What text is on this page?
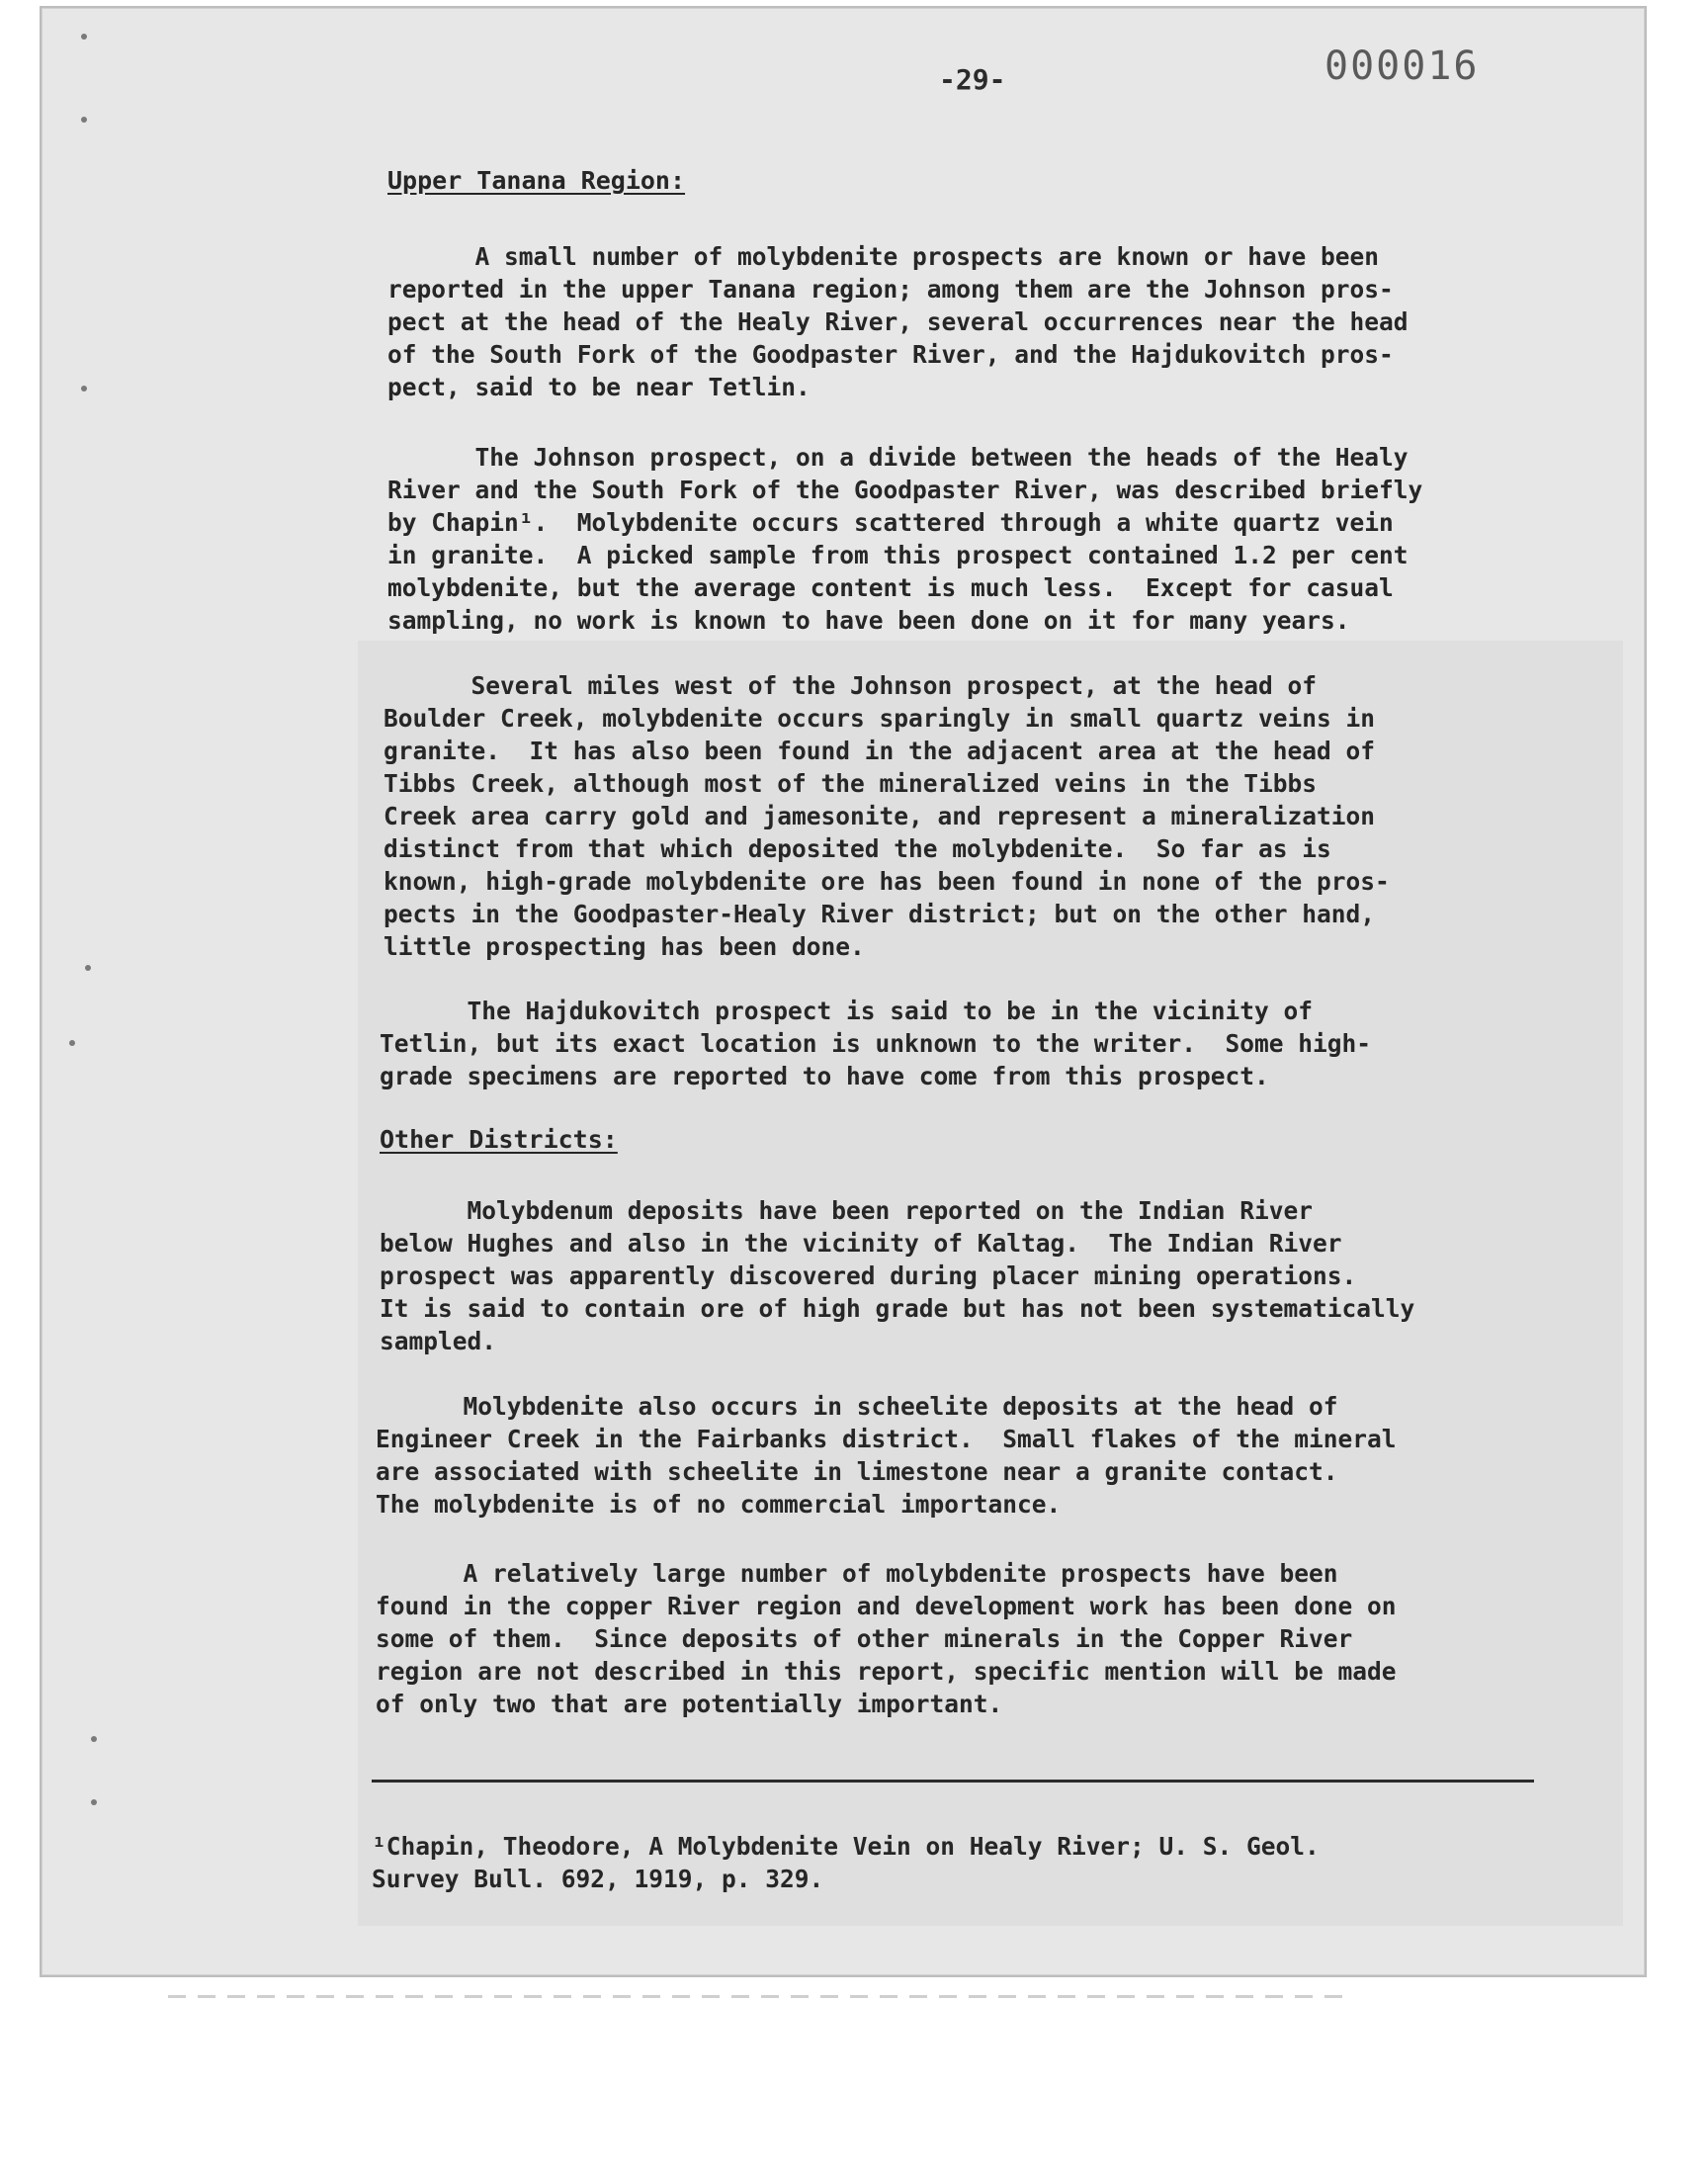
-29-	000016
Upper Tanana Region:
A small number of molybdenite prospects are known or have been
reported in the upper Tanana region; among them are the Johnson pros-
pect at the head of the Healy River, several occurrences near the head
of the South Fork of the Goodpaster River, and the Hajdukovitch pros-
pect, said to be near Tetlin.
The Johnson prospect, on a divide between the heads of the Healy
River and the South Fork of the Goodpaster River, was described briefly
by Chapin¹.  Molybdenite occurs scattered through a white quartz vein
in granite.  A picked sample from this prospect contained 1.2 per cent
molybdenite, but the average content is much less.  Except for casual
sampling, no work is known to have been done on it for many years.
Several miles west of the Johnson prospect, at the head of
Boulder Creek, molybdenite occurs sparingly in small quartz veins in
granite.  It has also been found in the adjacent area at the head of
Tibbs Creek, although most of the mineralized veins in the Tibbs
Creek area carry gold and jamesonite, and represent a mineralization
distinct from that which deposited the molybdenite.  So far as is
known, high-grade molybdenite ore has been found in none of the pros-
pects in the Goodpaster-Healy River district; but on the other hand,
little prospecting has been done.
The Hajdukovitch prospect is said to be in the vicinity of
Tetlin, but its exact location is unknown to the writer.  Some high-
grade specimens are reported to have come from this prospect.
Other Districts:
Molybdenum deposits have been reported on the Indian River
below Hughes and also in the vicinity of Kaltag.  The Indian River
prospect was apparently discovered during placer mining operations.
It is said to contain ore of high grade but has not been systematically
sampled.
Molybdenite also occurs in scheelite deposits at the head of
Engineer Creek in the Fairbanks district.  Small flakes of the mineral
are associated with scheelite in limestone near a granite contact.
The molybdenite is of no commercial importance.
A relatively large number of molybdenite prospects have been
found in the copper River region and development work has been done on
some of them.  Since deposits of other minerals in the Copper River
region are not described in this report, specific mention will be made
of only two that are potentially important.
¹Chapin, Theodore, A Molybdenite Vein on Healy River; U. S. Geol.
Survey Bull. 692, 1919, p. 329.
